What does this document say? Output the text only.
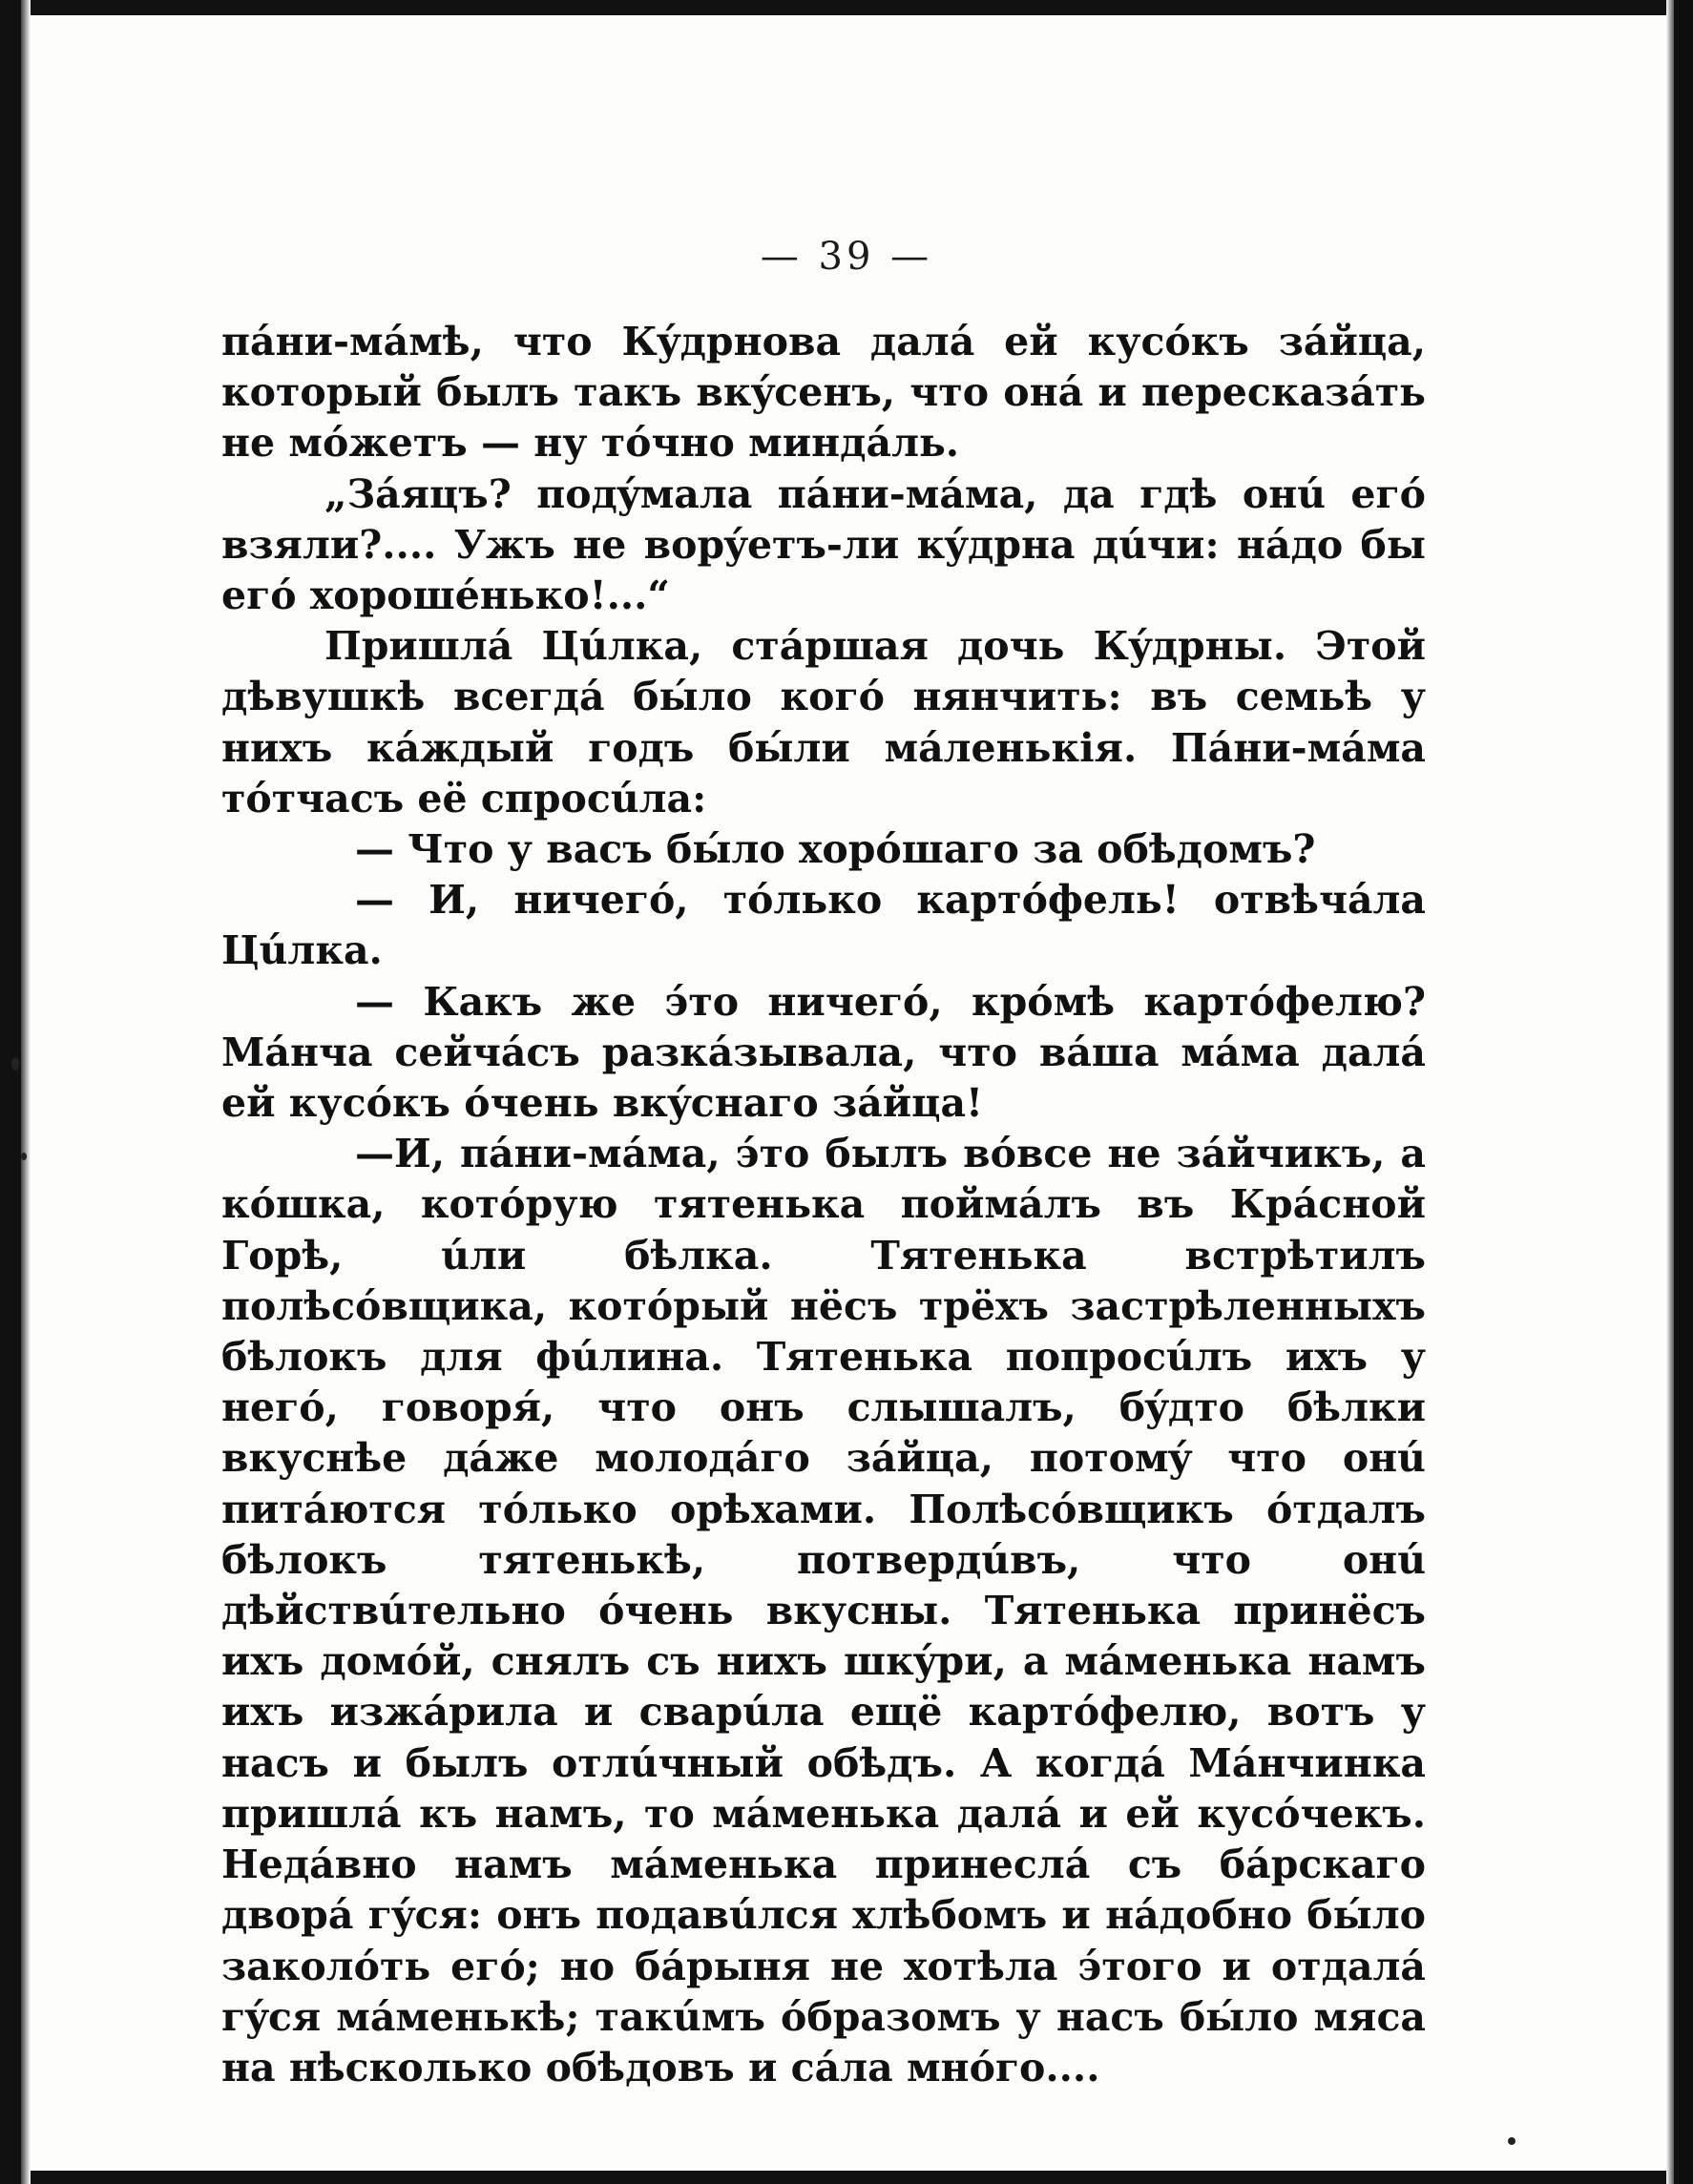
— 39 —

пáни-мáмѣ, что Кýдрнова далá ей кусóкъ зáйца, который былъ такъ вкýсенъ, что онá и пересказáть не мóжетъ — ну тóчно миндáль.

„Зáяцъ? подýмала пáни-мáма, да гдѣ онú егó взяли?.... Ужъ не ворýетъ-ли кýдрна дúчи: нáдо бы егó хорошéнько!...“

Пришлá Цúлка, стáршая дочь Кýдрны. Этой дѣвушкѣ всегдá бы́ло когó нянчить: въ семьѣ у нихъ кáждый годъ бы́ли мáленькія. Пáни-мáма тóтчасъ её спросúла:

— Что у васъ бы́ло хорóшаго за обѣдомъ?

— И, ничегó, тóлько картóфель! отвѣчáла Цúлка.

— Какъ же э́то ничегó, крóмѣ картóфелю? Мáнча сейчáсъ разкáзывала, что вáша мáма далá ей кусóкъ óчень вкýснаго зáйца!

—И, пáни-мáма, э́то былъ вóвсе не зáйчикъ, а кóшка, котóрую тятенька поймáлъ въ Крáсной Горѣ, úли бѣлка. Тятенька встрѣтилъ полѣсóвщика, котóрый нёсъ трёхъ застрѣленныхъ бѣлокъ для фúлина. Тятенька попросúлъ ихъ у негó, говоря́, что онъ слышалъ, бýдто бѣлки вкуснѣе дáже молодáго зáйца, потомý что онú питáются тóлько орѣхами. Полѣсóвщикъ óтдалъ бѣлокъ тятенькѣ, потвердúвъ, что онú дѣйствúтельно óчень вкусны. Тятенька принёсъ ихъ домóй, снялъ съ нихъ шкýри, а мáменька намъ ихъ изжáрила и сварúла ещё картóфелю, вотъ у насъ и былъ отлúчный обѣдъ. А когдá Мáнчинка пришлá къ намъ, то мáменька далá и ей кусóчекъ. Недáвно намъ мáменька принеслá съ бáрскаго дворá гýся: онъ подавúлся хлѣбомъ и нáдобно бы́ло заколóть егó; но бáрыня не хотѣла э́того и отдалá гýся мáменькѣ; такúмъ óбразомъ у насъ бы́ло мяса на нѣсколько обѣдовъ и сáла мнóго....
